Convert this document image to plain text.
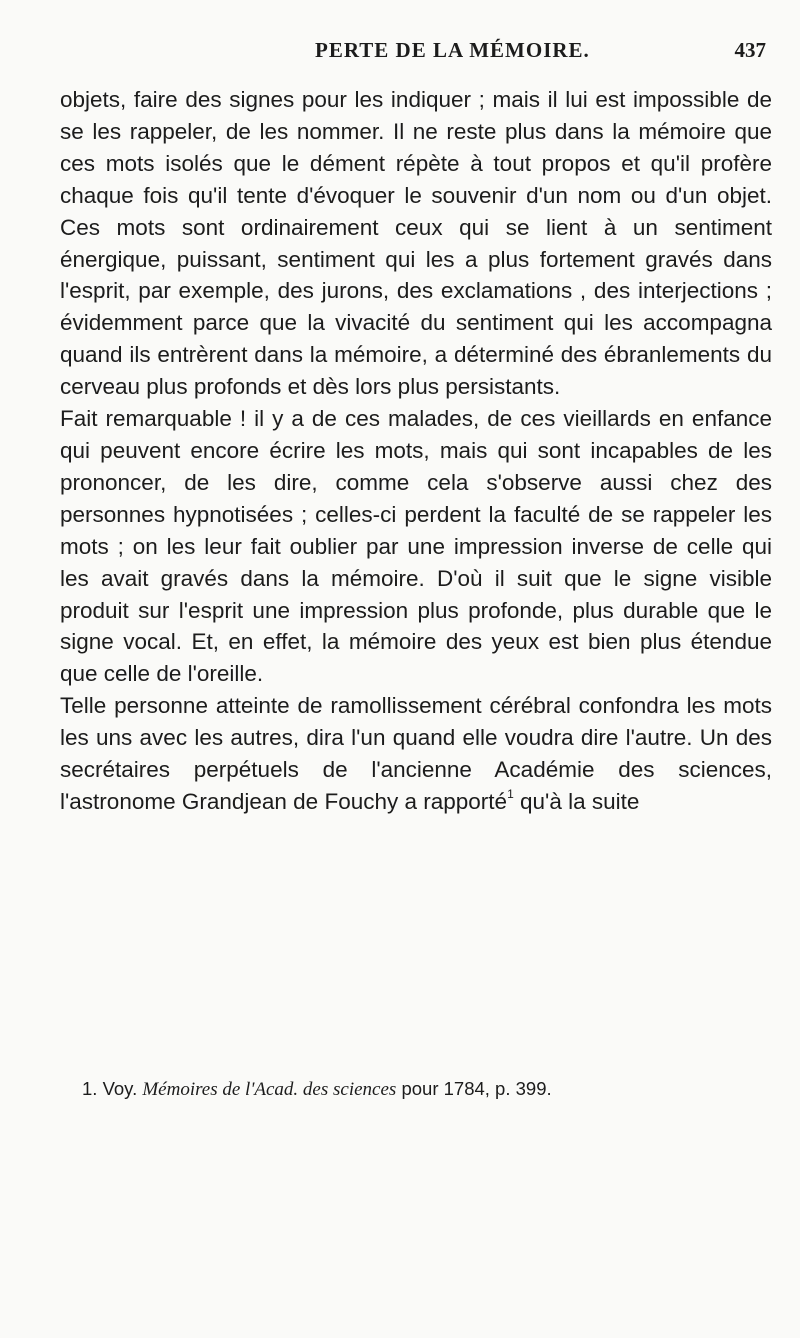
PERTE DE LA MÉMOIRE.	437

objets, faire des signes pour les indiquer ; mais il lui est impossible de se les rappeler, de les nommer. Il ne reste plus dans la mémoire que ces mots isolés que le dément répète à tout propos et qu'il profère chaque fois qu'il tente d'évoquer le souvenir d'un nom ou d'un objet. Ces mots sont ordinairement ceux qui se lient à un sentiment énergique, puissant, sentiment qui les a plus fortement gravés dans l'esprit, par exemple, des jurons, des exclamations , des interjections ; évidemment parce que la vivacité du sentiment qui les accompagna quand ils entrèrent dans la mémoire, a déterminé des ébranlements du cerveau plus profonds et dès lors plus persistants.

Fait remarquable ! il y a de ces malades, de ces vieillards en enfance qui peuvent encore écrire les mots, mais qui sont incapables de les prononcer, de les dire, comme cela s'observe aussi chez des personnes hypnotisées ; celles-ci perdent la faculté de se rappeler les mots ; on les leur fait oublier par une impression inverse de celle qui les avait gravés dans la mémoire. D'où il suit que le signe visible produit sur l'esprit une impression plus profonde, plus durable que le signe vocal. Et, en effet, la mémoire des yeux est bien plus étendue que celle de l'oreille.

Telle personne atteinte de ramollissement cérébral confondra les mots les uns avec les autres, dira l'un quand elle voudra dire l'autre. Un des secrétaires perpétuels de l'ancienne Académie des sciences, l'astronome Grandjean de Fouchy a rapporté$^1$ qu'à la suite

1. Voy. Mémoires de l'Acad. des sciences pour 1784, p. 399.
